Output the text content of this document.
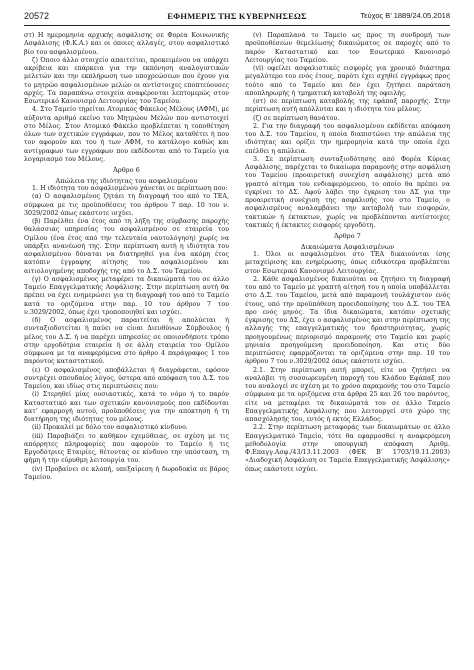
20572	ΕΦΗΜΕΡΙΣ ΤΗΣ ΚΥΒΕΡΝΗΣΕΩΣ	Τεύχος Β’ 1889/24.05.2018

στ) Η ημερομηνία αρχικής ασφάλισης σε Φορέα Κοινωνικής Ασφάλισης (Φ.Κ.Α.) και οι όποιες αλλαγές, στον ασφαλιστικό βίο του ασφαλισμένου.

ζ) Όποιο άλλο στοιχείο απαιτείται, προκειμένου να υπάρχει ακρίβεια και επάρκεια για την εκπόνηση αναλογιστικών μελετών και την εκπλήρωση των υποχρεώσεων που έχουν για το μητρώο ασφαλισμένων μελών οι αντίστοιχες εποπτεύουσες αρχές. Τα παραπάνω στοιχεία αναφέρονται λεπτομερώς στον Εσωτερικό Κανονισμό Λειτουργίας του Ταμείου.

4. Στο Ταμείο τηρείται Ατομικός Φάκελος Μέλους (ΑΦΜ), με αύξοντα αριθμό εκείνο του Μητρώου Μελών που αντιστοιχεί στο Μέλος. Στον Ατομικό Φάκελο προβλέπεται η τοποθέτηση όλων των σχετικών εγγράφων, που το Μέλος καταθέτει ή που τον αφορούν και του ή των ΑΦΜ, το κατάλογο καθώς και αντίγραφων των εγγράφων που εκδίδονται από το Ταμείο για λογαριασμό του Μέλους.

Άρθρο 6

Απώλεια της ιδιότητας του ασφαλισμένου

1. Η ιδιότητα του ασφαλισμένου χάνεται σε περίπτωση που:

(α) Ο ασφαλισμένος ζητάει τη διαγραφή του από το ΤΕΑ, σύμφωνα με τις προϋποθέσεις του άρθρου 7 παρ. 10 του ν. 3029/2002 όπως εκάστοτε ισχύει.

(β) Παρέλθει ένα έτος από τη λήξη της σύμβασης παροχής θαλάσσιας υπηρεσίας του ασφαλισμένου σε εταιρεία του Ομίλου (ένα έτος από την τελευταία ναυτολόγηση) χωρίς να υπάρξει ανανέωσή της. Στην περίπτωση αυτή η ιδιότητα του ασφαλισμένου δύναται να διατηρηθεί για ένα ακόμη έτος κατόπιν έγγραφης αίτησης του ασφαλισμένου και αιτιολογημένης αποδοχής της από το Δ.Σ. του Ταμείου.

(γ) Ο ασφαλισμένος μεταφέρει τα δικαιώματά του σε άλλο Ταμείο Επαγγελματικής Ασφάλισης. Στην περίπτωση αυτή θα πρέπει να έχει ενημερώσει για τη διαγραφή του από το Ταμείο κατά το οριζόμενα στην παρ. 10 του άρθρου 7 του ν.3029/2002, όπως έχει τροποποιηθεί και ισχύει.

(δ) Ο ασφαλισμένος παραιτείται ή απολύεται ή συνταξιοδοτείται ή παύει να είναι Διευθύνων Σύμβουλος ή μέλος του Δ.Σ. ή να παρέχει υπηρεσίες σε οποιονδήποτε τρόπο στην εργοδότρια εταιρεία ή σε άλλη εταιρεία του Ομίλου σύμφωνα με τα αναφερόμενα στο άρθρο 4 παράγραφος 1 του παρόντος καταστατικού.

(ε) Ο ασφαλισμένος αποβάλλεται ή διαγράφεται, εφόσον συντρέχει σπουδαίος λόγος, ύστερα από απόφαση του Δ.Σ. του Ταμείου, και ιδίως στις περιπτώσεις που:

(i) Στερηθεί μίας ουσιαστικές, κατά το νόμο ή το παρόν Καταστατικό και των σχετικών κανονισμούς που εκδίδονται κατ’ εφαρμογή αυτού, προϋποθέσεις για την απόκτηση ή τη διατήρηση της ιδιότητας του μέλους.

(ii) Προκαλεί με δόλο τον ασφαλιστικό κίνδυνο.

(iii) Παραβιάζει το καθήκον εχεμύθειας, σε σχέση με τις απόρρητες πληροφορίες που αφορούν το Ταμείο ή τις Εργοδότριες Εταιρίες, θέτοντας σε κίνδυνο την υπόσταση, τη φήμη ή την εύρυθμη λειτουργία του.

(iv) Προβαίνει σε κλοπή, υπεξαίρεση ή δωροδοκία σε βάρος Ταμείου.

(v) Παραπλανά το Ταμείο ως προς τη συνδρομή των προϋποθέσεων θεμελίωσης δικαιώματος σε παροχές από το παρόν Καταστατικό και τον Εσωτερικό Κανονισμό Λειτουργίας του Ταμείου.

(vi) οφείλει ασφαλιστικές εισφορές για χρονικό διάστημα μεγαλύτερο του ενός έτους, παρότι έχει σχηθεί εγγράφως προς τούτο από το Ταμείο και δεν έχει ζητήσει παράταση αποπληρωμής ή τμηματική καταβολή της οφειλής.

(στ) σε περίπτωση καταβολής της εφάπαξ παροχής. Στην περίπτωση αυτή απόλλυται και η ιδιότητα του μέλους.

(ζ) σε περίπτωση θανάτου.

2. Για την διαγραφή του ασφαλισμένου εκδίδεται απόφαση του Δ.Σ. του Ταμείου, η οποία διαπιστώνει την απώλεια της ιδιότητας και ορίζει την ημερομηνία κατά την οποία έχει επέλθει η απώλεια.

3. Σε περίπτωση συνταξιοδότησης από Φορέα Κύριας Ασφάλισης, παρέχεται το δικαίωμα παραμονής στην ασφάλιση του Ταμείου (προαιρετική συνεχίση ασφάλισης) μετά από γραπτό αίτημα του ενδιαφερόμενου, το οποίο θα πρέπει να εγκρίνει το ΔΣ. Αφού λάβει την έγκριση του ΔΣ για την προαιρετική συνέχιση της ασφάλισής του στο Ταμείο, ο ασφαλισμένος αναλαμβάνει την καταβολή των εισφορών, τακτικών ή έκτακτων, χωρίς να προβλέπονται αντίστοιχες τακτικές ή έκτακτες εισφορές εργοδότη.

Άρθρο 7

Δικαιώματα Ασφαλισμένων

1. Όλοι οι ασφαλισμένοι στο ΤΕΑ δικαιούνται ίσης μεταχείρισης και ενημέρωσης, όπως ειδικότερα προβλέπεται στον Εσωτερικό Κανονισμό Λειτουργίας.

2. Κάθε ασφαλισμένος δικαιούται να ζητήσει τη διαγραφή του από το Ταμείο με γραπτή αίτησή του η οποία υποβάλλεται στο Δ.Σ. του Ταμείου, μετά από παραμονή τουλάχιστον ενός έτους, υπό την προϋπόθεση προειδοποίησης του Δ.Σ. του ΤΕΑ προ ενός μηνός. Τα ίδια δικαιώματα, κατόπιν σχετικής έγκρισης του ΔΣ, έχει ο ασφαλισμένος και στην περίπτωση της αλλαγής της επαγγελματικής του δραστηριότητας, χωρίς προηγουμένως περιορισμό παραμονής στο Ταμείο και χωρίς μηνιαία προηγούμενη προειδοποίηση. Και στις δύο περιπτώσεις εφαρμόζονται τα οριζόμενα στην παρ. 10 του άρθρου 7 του ν.3029/2002 όπως εκάστοτε ισχύει.

2.1. Στην περίπτωση αυτή μπορεί, είτε να ζητήσει να αναλάβει τη συσσωρευμένη παροχή του Κλάδου Εφάπαξ που του αναλογεί σε σχέση με το χρόνο παραμονής του στο Ταμείο σύμφωνα με τα οριζόμενα στα άρθρα 25 και 26 του παρόντος, είτε να μεταφέρει τα δικαιώματά του σε άλλο Ταμείο Επαγγελματικής Ασφάλισης που λειτουργεί στο χώρο της απασχόλησής του, εντός ή εκτός Ελλάδος.

2.2. Στην περίπτωση μεταφοράς των δικαιωμάτων σε άλλο Επαγγελματικό Ταμείο, τότε θα εφαρμοσθεί η αναφερόμενη μεθοδολογία στην υπουργική απόφαση Αριθμ. Φ.Επαγγ.Ασφ./43/13.11.2003 (ΦΕΚ Β’ 1703/19.11.2003) «Διαδοχική Ασφάλιση σε Ταμεία Επαγγελματικής Ασφάλισης» όπως εκάστοτε ισχύει.
